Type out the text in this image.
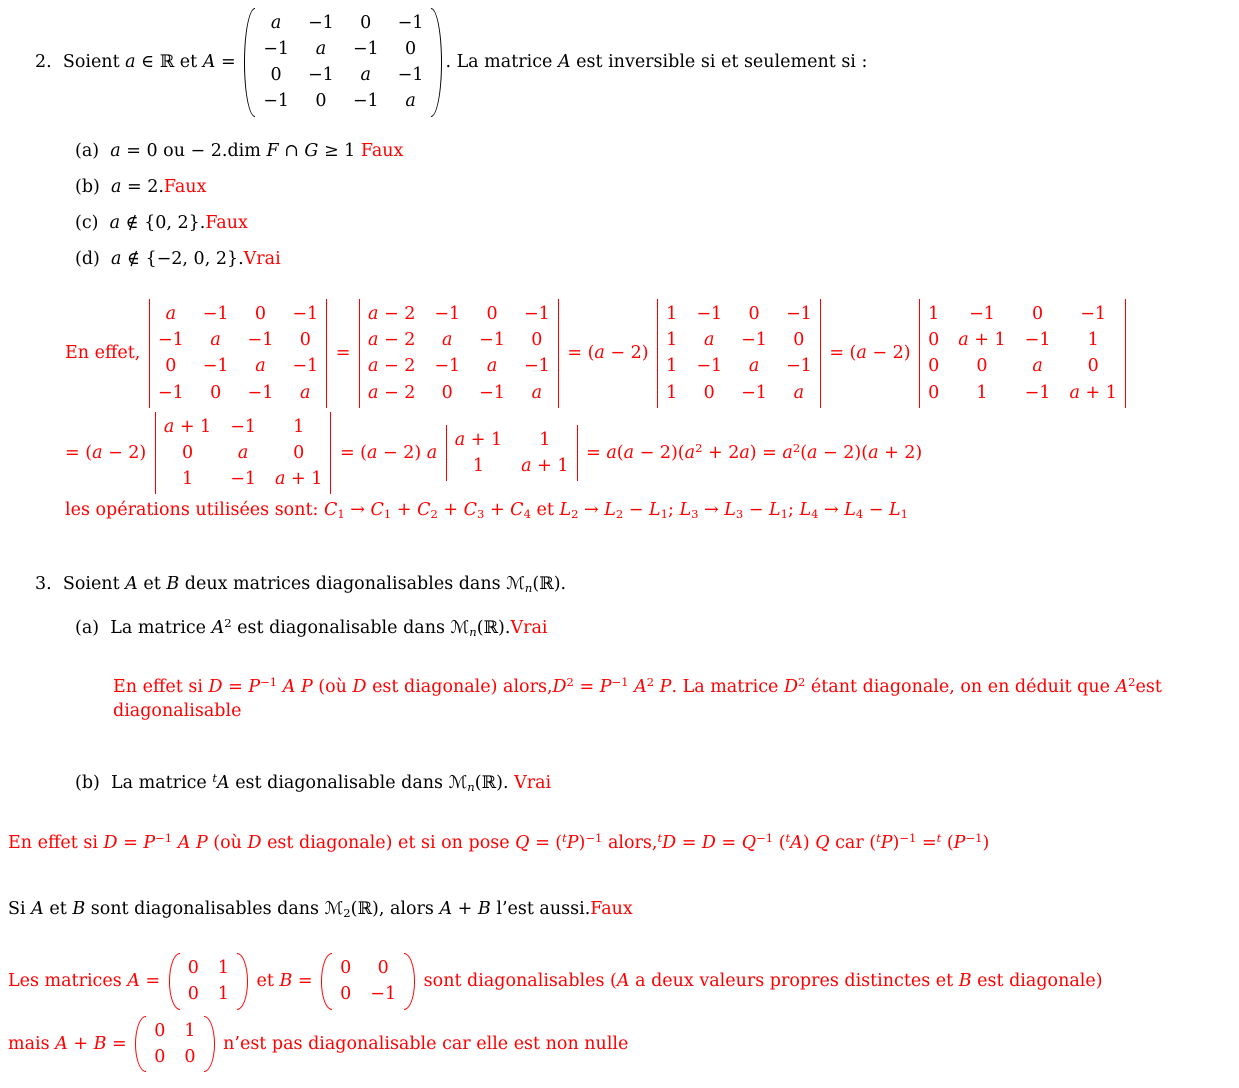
2. Soient a ∈ ℝ et A =
a −1 0 −1
−1 a −1 0
0 −1 a −1
−1 0 −1 a
. La matrice A est inversible si et seulement si :
(a) a = 0 ou − 2. dim F ∩ G ≥ 1 Faux
(b) a = 2. Faux
(c) a ∉ {0, 2}. Faux
(d) a ∉ {−2, 0, 2}. Vrai
En effet,
a −1 0 −1
−1 a −1 0
0 −1 a −1
−1 0 −1 a
=
a − 2 −1 0 −1
a − 2 a −1 0
a − 2 −1 a −1
a − 2 0 −1 a
= (a − 2)
1 −1 0 −1
1 a −1 0
1 −1 a −1
1 0 −1 a
= (a − 2)
1 −1 0 −1
0 a + 1 −1 1
0 0	a	0
0 1 −1 a + 1
= (a − 2)
a + 1 −1 1
0	a	0
1 −1 a + 1
= (a − 2) a
a + 1 1
1 a + 1
= $a(a - 2)(a^2 + 2a) = a^2(a - 2)(a + 2)$
les opérations utilisées sont: $C_1 \to C_1 + C_2 + C_3 + C_4$ et $L_2 \to L_2 - L_1$; $L_3 \to L_3 - L_1$; $L_4 \to L_4 - L_1$
3. Soient A et B deux matrices diagonalisables dans ℳ$_n$(ℝ) .
(a)  La matrice $A^2$ est diagonalisable dans ℳ$_n$(ℝ) . Vrai
En effet si $D = P^{-1}$ A P (où D est diagonale) $alors,D^2 = P^{-1}$ $A^2$ P. La matrice $D^2$ étant diagonale, on en déduit que $A^2est$ diagonalisable
(b)  La matrice $^t$A est diagonalisable dans ℳ$_n$(ℝ) . Vrai
En effet si $D = P^{-1}$ A P (où D est diagonale) et si on pose $Q = (^tP)^{-1}$ alors, $^tD = D = Q^{-1}$ ($^t$A) Q car $(^tP)^{-1} =^t$ $(P^{-1})$
Si A et B sont diagonalisables dans ℳ$_2$(ℝ) , alors A + B l’est aussi. Faux
Les matrices A =
0 1
0 1
et B =
0 0
0 −1
sont diagonalisables ( A a deux valeurs propres distinctes et B est diagonale)
mais A + B =
0 1
0 0
n’est pas diagonalisable car elle est non nulle
